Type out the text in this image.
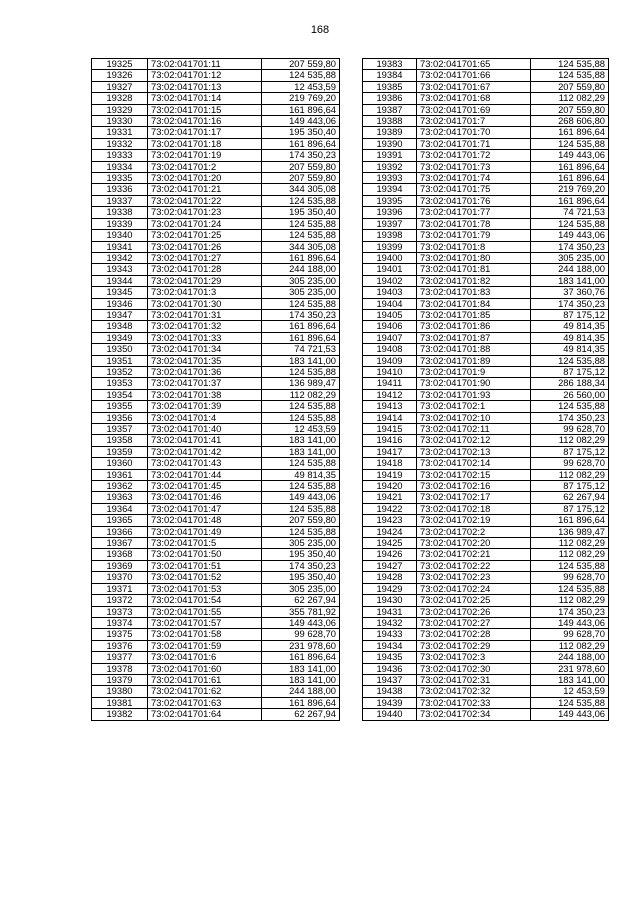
168
19325	73:02:041701:11	207 559,80
19326	73:02:041701:12	124 535,88
19327	73:02:041701:13	12 453,59
19328	73:02:041701:14	219 769,20
19329	73:02:041701:15	161 896,64
19330	73:02:041701:16	149 443,06
19331	73:02:041701:17	195 350,40
19332	73:02:041701:18	161 896,64
19333	73:02:041701:19	174 350,23
19334	73:02:041701:2	207 559,80
19335	73:02:041701:20	207 559,80
19336	73:02:041701:21	344 305,08
19337	73:02:041701:22	124 535,88
19338	73:02:041701:23	195 350,40
19339	73:02:041701:24	124 535,88
19340	73:02:041701:25	124 535,88
19341	73:02:041701:26	344 305,08
19342	73:02:041701:27	161 896,64
19343	73:02:041701:28	244 188,00
19344	73:02:041701:29	305 235,00
19345	73:02:041701:3	305 235,00
19346	73:02:041701:30	124 535,88
19347	73:02:041701:31	174 350,23
19348	73:02:041701:32	161 896,64
19349	73:02:041701:33	161 896,64
19350	73:02:041701:34	74 721,53
19351	73:02:041701:35	183 141,00
19352	73:02:041701:36	124 535,88
19353	73:02:041701:37	136 989,47
19354	73:02:041701:38	112 082,29
19355	73:02:041701:39	124 535,88
19356	73:02:041701:4	124 535,88
19357	73:02:041701:40	12 453,59
19358	73:02:041701:41	183 141,00
19359	73:02:041701:42	183 141,00
19360	73:02:041701:43	124 535,88
19361	73:02:041701:44	49 814,35
19362	73:02:041701:45	124 535,88
19363	73:02:041701:46	149 443,06
19364	73:02:041701:47	124 535,88
19365	73:02:041701:48	207 559,80
19366	73:02:041701:49	124 535,88
19367	73:02:041701:5	305 235,00
19368	73:02:041701:50	195 350,40
19369	73:02:041701:51	174 350,23
19370	73:02:041701:52	195 350,40
19371	73:02:041701:53	305 235,00
19372	73:02:041701:54	62 267,94
19373	73:02:041701:55	355 781,92
19374	73:02:041701:57	149 443,06
19375	73:02:041701:58	99 628,70
19376	73:02:041701:59	231 978,60
19377	73:02:041701:6	161 896,64
19378	73:02:041701:60	183 141,00
19379	73:02:041701:61	183 141,00
19380	73:02:041701:62	244 188,00
19381	73:02:041701:63	161 896,64
19382	73:02:041701:64	62 267,94
19383	73:02:041701:65	124 535,88
19384	73:02:041701:66	124 535,88
19385	73:02:041701:67	207 559,80
19386	73:02:041701:68	112 082,29
19387	73:02:041701:69	207 559,80
19388	73:02:041701:7	268 606,80
19389	73:02:041701:70	161 896,64
19390	73:02:041701:71	124 535,88
19391	73:02:041701:72	149 443,06
19392	73:02:041701:73	161 896,64
19393	73:02:041701:74	161 896,64
19394	73:02:041701:75	219 769,20
19395	73:02:041701:76	161 896,64
19396	73:02:041701:77	74 721,53
19397	73:02:041701:78	124 535,88
19398	73:02:041701:79	149 443,06
19399	73:02:041701:8	174 350,23
19400	73:02:041701:80	305 235,00
19401	73:02:041701:81	244 188,00
19402	73:02:041701:82	183 141,00
19403	73:02:041701:83	37 360,76
19404	73:02:041701:84	174 350,23
19405	73:02:041701:85	87 175,12
19406	73:02:041701:86	49 814,35
19407	73:02:041701:87	49 814,35
19408	73:02:041701:88	49 814,35
19409	73:02:041701:89	124 535,88
19410	73:02:041701:9	87 175,12
19411	73:02:041701:90	286 188,34
19412	73:02:041701:93	26 560,00
19413	73:02:041702:1	124 535,88
19414	73:02:041702:10	174 350,23
19415	73:02:041702:11	99 628,70
19416	73:02:041702:12	112 082,29
19417	73:02:041702:13	87 175,12
19418	73:02:041702:14	99 628,70
19419	73:02:041702:15	112 082,29
19420	73:02:041702:16	87 175,12
19421	73:02:041702:17	62 267,94
19422	73:02:041702:18	87 175,12
19423	73:02:041702:19	161 896,64
19424	73:02:041702:2	136 989,47
19425	73:02:041702:20	112 082,29
19426	73:02:041702:21	112 082,29
19427	73:02:041702:22	124 535,88
19428	73:02:041702:23	99 628,70
19429	73:02:041702:24	124 535,88
19430	73:02:041702:25	112 082,29
19431	73:02:041702:26	174 350,23
19432	73:02:041702:27	149 443,06
19433	73:02:041702:28	99 628,70
19434	73:02:041702:29	112 082,29
19435	73:02:041702:3	244 188,00
19436	73:02:041702:30	231 978,60
19437	73:02:041702:31	183 141,00
19438	73:02:041702:32	12 453,59
19439	73:02:041702:33	124 535,88
19440	73:02:041702:34	149 443,06
